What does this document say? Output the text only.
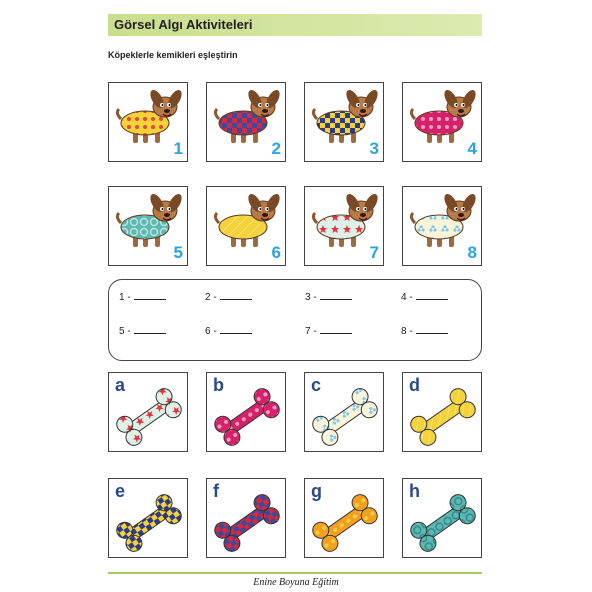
Görsel Algı Aktiviteleri
Köpeklerle kemikleri eşleştirin
1	2	3	4
5	6	7	8
1 -	2 -	3 -	4 -
5 -	6 -	7 -	8 -
a	b	c	d
e	f	g	h
Enine Boyuna Eğitim
